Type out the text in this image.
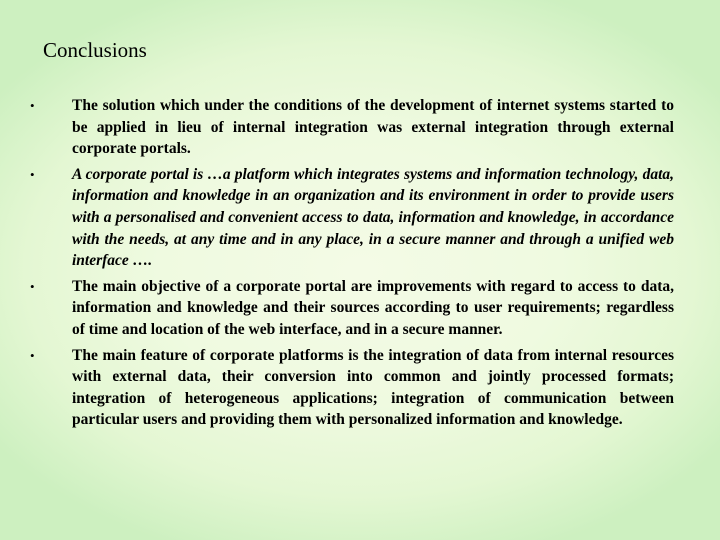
Conclusions
• The solution which under the conditions of the development of internet systems started to be applied in lieu of internal integration was external integration through external corporate portals.
• A corporate portal is …a platform which integrates systems and information technology, data, information and knowledge in an organization and its environment in order to provide users with a personalised and convenient access to data, information and knowledge, in accordance with the needs, at any time and in any place, in a secure manner and through a unified web interface ….
• The main objective of a corporate portal are improvements with regard to access to data, information and knowledge and their sources according to user requirements; regardless of time and location of the web interface, and in a secure manner.
• The main feature of corporate platforms is the integration of data from internal resources with external data, their conversion into common and jointly processed formats; integration of heterogeneous applications; integration of communication between particular users and providing them with personalized information and knowledge.
